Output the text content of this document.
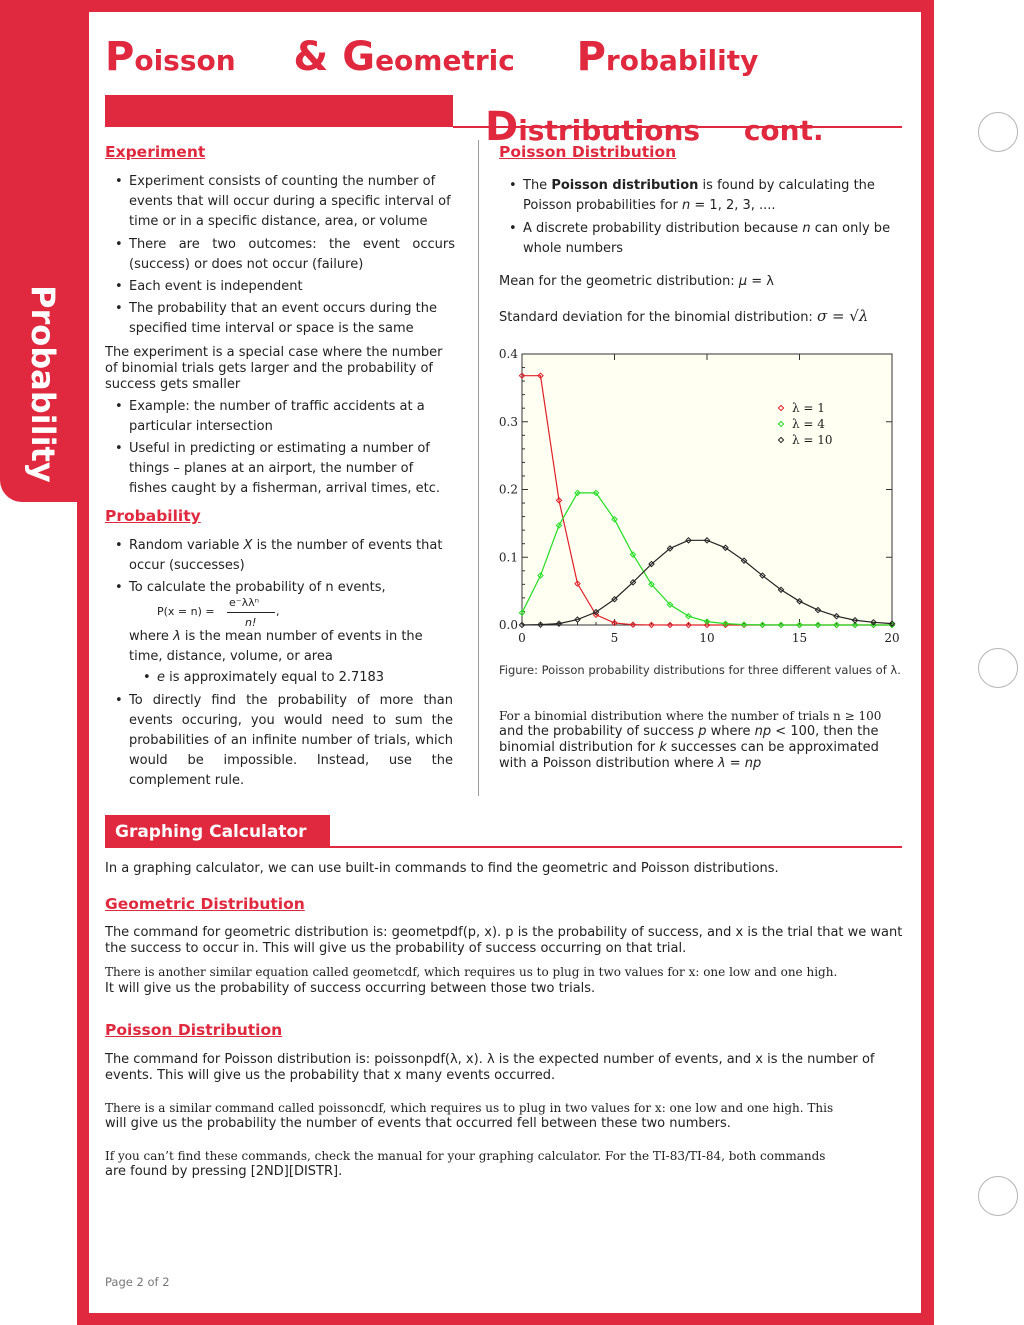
Probability
Poisson & Geometric Probability
Distributions cont.
Experiment
• Experiment consists of counting the number of events that will occur during a specific interval of time or in a specific distance, area, or volume
• There are two outcomes: the event occurs (success) or does not occur (failure)
• Each event is independent
• The probability that an event occurs during the specified time interval or space is the same
The experiment is a special case where the number of binomial trials gets larger and the probability of success gets smaller
• Example: the number of traffic accidents at a particular intersection
• Useful in predicting or estimating a number of things – planes at an airport, the number of fishes caught by a fisherman, arrival times, etc.
Probability
• Random variable X is the number of events that occur (successes)
• To calculate the probability of n events,
P(x = n) =
e⁻λλⁿ
n!
,
where λ is the mean number of events in the time, distance, volume, or area
• e is approximately equal to 2.7183
• To directly find the probability of more than events occuring, you would need to sum the probabilities of an infinite number of trials, which would be impossible. Instead, use the complement rule.
Poisson Distribution
• The Poisson distribution is found by calculating the Poisson probabilities for n = 1, 2, 3, ....
• A discrete probability distribution because n can only be whole numbers
Mean for the geometric distribution: μ = λ
Standard deviation for the binomial distribution: σ = √λ
0	5	10	15	20
0.0
0.1
0.2
0.3
0.4
λ = 1
λ = 4
λ = 10
Figure: Poisson probability distributions for three different values of λ.
For a binomial distribution where the number of trials n ≥ 100
and the probability of success p where np < 100, then the binomial distribution for k successes can be approximated with a Poisson distribution where λ = np
Graphing Calculator
In a graphing calculator, we can use built-in commands to find the geometric and Poisson distributions.
Geometric Distribution
The command for geometric distribution is: geometpdf(p, x). p is the probability of success, and x is the trial that we want the success to occur in. This will give us the probability of success occurring on that trial.
There is another similar equation called geometcdf, which requires us to plug in two values for x: one low and one high.
It will give us the probability of success occurring between those two trials.
Poisson Distribution
The command for Poisson distribution is: poissonpdf(λ, x). λ is the expected number of events, and x is the number of events. This will give us the probability that x many events occurred.
There is a similar command called poissoncdf, which requires us to plug in two values for x: one low and one high. This
will give us the probability the number of events that occurred fell between these two numbers.
If you can’t find these commands, check the manual for your graphing calculator. For the TI-83/TI-84, both commands
are found by pressing [2ND][DISTR].
Page 2 of 2
